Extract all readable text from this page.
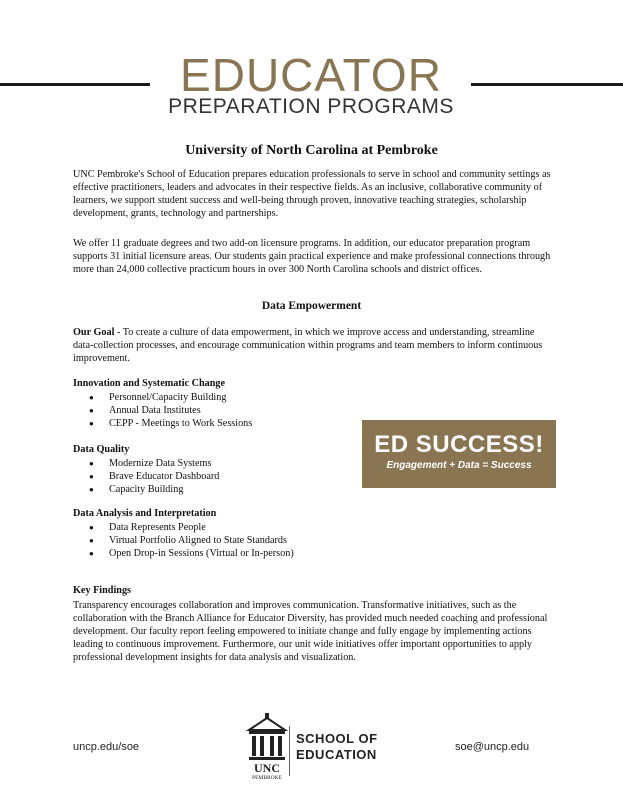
EDUCATOR
PREPARATION PROGRAMS
University of North Carolina at Pembroke
UNC Pembroke's School of Education prepares education professionals to serve in school and community settings as effective practitioners, leaders and advocates in their respective fields. As an inclusive, collaborative community of learners, we support student success and well-being through proven, innovative teaching strategies, scholarship development, grants, technology and partnerships.
We offer 11 graduate degrees and two add-on licensure programs. In addition, our educator preparation program supports 31 initial licensure areas. Our students gain practical experience and make professional connections through more than 24,000 collective practicum hours in over 300 North Carolina schools and district offices.
Data Empowerment
Our Goal - To create a culture of data empowerment, in which we improve access and understanding, streamline data-collection processes, and encourage communication within programs and team members to inform continuous improvement.
Innovation and Systematic Change
● Personnel/Capacity Building
● Annual Data Institutes
● CEPP - Meetings to Work Sessions
Data Quality
● Modernize Data Systems
● Brave Educator Dashboard
● Capacity Building
Data Analysis and Interpretation
● Data Represents People
● Virtual Portfolio Aligned to State Standards
● Open Drop-in Sessions (Virtual or In-person)
ED SUCCESS!
Engagement + Data = Success
Key Findings
Transparency encourages collaboration and improves communication. Transformative initiatives, such as the collaboration with the Branch Alliance for Educator Diversity, has provided much needed coaching and professional development. Our faculty report feeling empowered to initiate change and fully engage by implementing actions leading to continuous improvement. Furthermore, our unit wide initiatives offer important opportunities to apply professional development insights for data analysis and visualization.
uncp.edu/soe	soe@uncp.edu
UNC
PEMBROKE
SCHOOL OF
EDUCATION
